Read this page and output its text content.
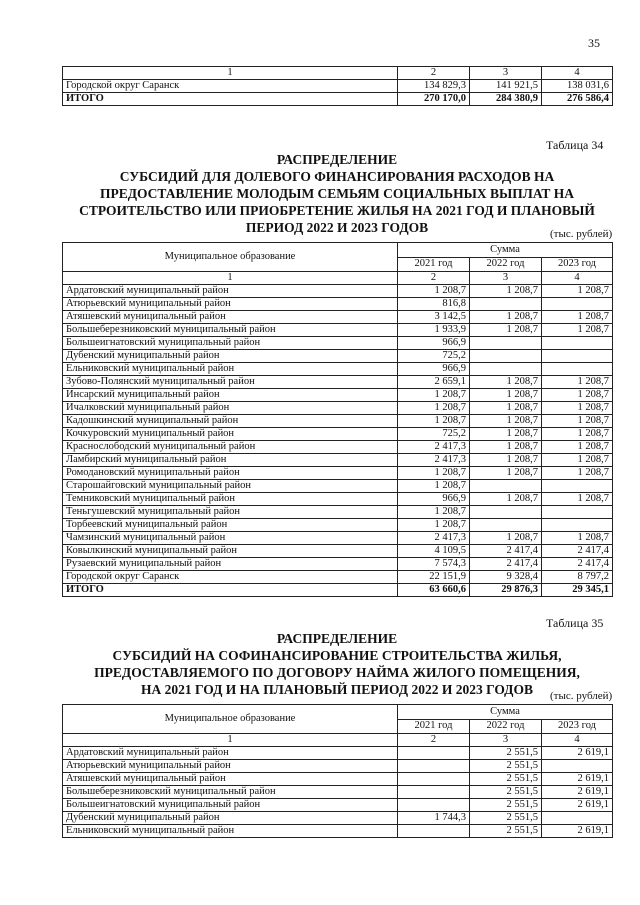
35
1	2	3	4
Городской округ Саранск	134 829,3	141 921,5	138 031,6
ИТОГО	270 170,0	284 380,9	276 586,4
Таблица 34
РАСПРЕДЕЛЕНИЕ
СУБСИДИЙ ДЛЯ ДОЛЕВОГО ФИНАНСИРОВАНИЯ РАСХОДОВ НА
ПРЕДОСТАВЛЕНИЕ МОЛОДЫМ СЕМЬЯМ СОЦИАЛЬНЫХ ВЫПЛАТ НА
СТРОИТЕЛЬСТВО ИЛИ ПРИОБРЕТЕНИЕ ЖИЛЬЯ НА 2021 ГОД И ПЛАНОВЫЙ
ПЕРИОД 2022 И 2023 ГОДОВ	(тыс. рублей)
Муниципальное образование	Сумма		
	2021 год	2022 год	2023 год
1	2	3	4
Ардатовский муниципальный район	1 208,7	1 208,7	1 208,7
Атюрьевский муниципальный район	816,8		
Атяшевский муниципальный район	3 142,5	1 208,7	1 208,7
Большеберезниковский муниципальный район	1 933,9	1 208,7	1 208,7
Большеигнатовский муниципальный район	966,9		
Дубенский муниципальный район	725,2		
Ельниковский муниципальный район	966,9		
Зубово-Полянский муниципальный район	2 659,1	1 208,7	1 208,7
Инсарский муниципальный район	1 208,7	1 208,7	1 208,7
Ичалковский муниципальный район	1 208,7	1 208,7	1 208,7
Кадошкинский муниципальный район	1 208,7	1 208,7	1 208,7
Кочкуровский муниципальный район	725,2	1 208,7	1 208,7
Краснослободский муниципальный район	2 417,3	1 208,7	1 208,7
Ламбирский муниципальный район	2 417,3	1 208,7	1 208,7
Ромодановский муниципальный район	1 208,7	1 208,7	1 208,7
Старошайговский муниципальный район	1 208,7		
Темниковский муниципальный район	966,9	1 208,7	1 208,7
Теньгушевский муниципальный район	1 208,7		
Торбеевский муниципальный район	1 208,7		
Чамзинский муниципальный район	2 417,3	1 208,7	1 208,7
Ковылкинский муниципальный район	4 109,5	2 417,4	2 417,4
Рузаевский муниципальный район	7 574,3	2 417,4	2 417,4
Городской округ Саранск	22 151,9	9 328,4	8 797,2
ИТОГО	63 660,6	29 876,3	29 345,1
Таблица 35
РАСПРЕДЕЛЕНИЕ
СУБСИДИЙ НА СОФИНАНСИРОВАНИЕ СТРОИТЕЛЬСТВА ЖИЛЬЯ,
ПРЕДОСТАВЛЯЕМОГО ПО ДОГОВОРУ НАЙМА ЖИЛОГО ПОМЕЩЕНИЯ,
НА 2021 ГОД И НА ПЛАНОВЫЙ ПЕРИОД 2022 И 2023 ГОДОВ	(тыс. рублей)
Муниципальное образование	Сумма		
	2021 год	2022 год	2023 год
1	2	3	4
Ардатовский муниципальный район		2 551,5	2 619,1
Атюрьевский муниципальный район		2 551,5	
Атяшевский муниципальный район		2 551,5	2 619,1
Большеберезниковский муниципальный район		2 551,5	2 619,1
Большеигнатовский муниципальный район		2 551,5	2 619,1
Дубенский муниципальный район	1 744,3	2 551,5	
Ельниковский муниципальный район		2 551,5	2 619,1
